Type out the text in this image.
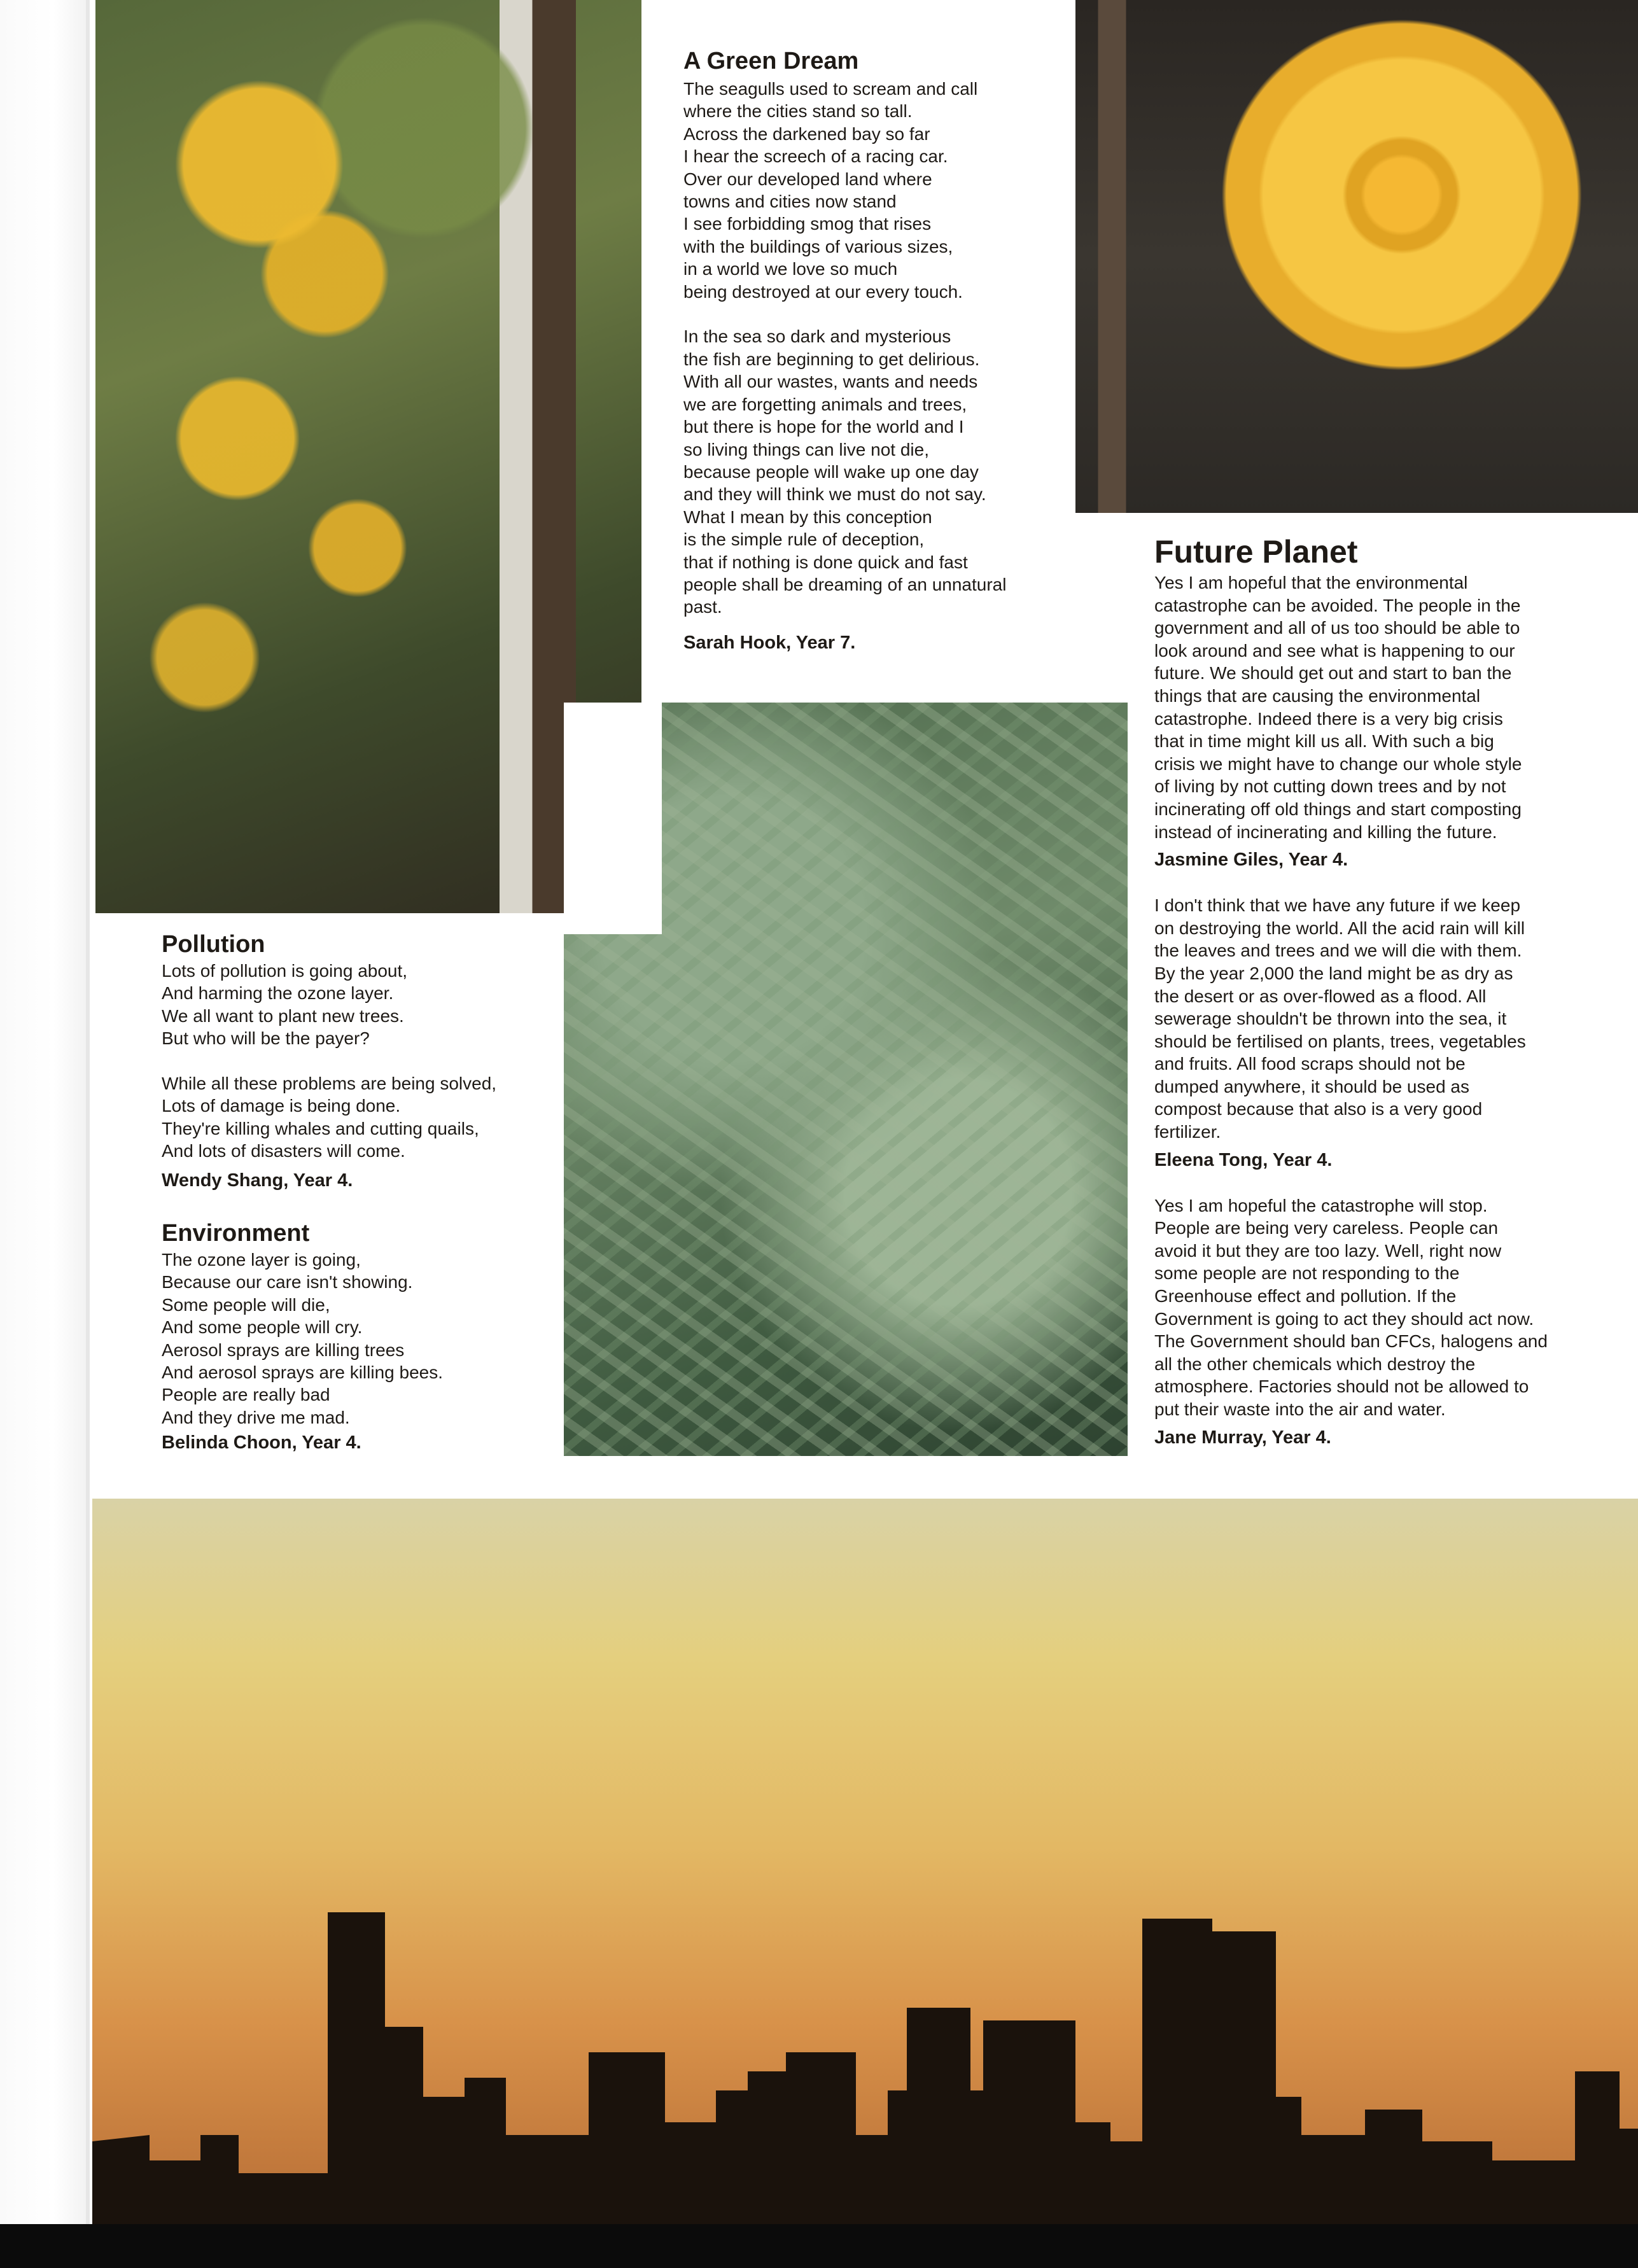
A Green Dream

The seagulls used to scream and call
where the cities stand so tall.
Across the darkened bay so far
I hear the screech of a racing car.
Over our developed land where
towns and cities now stand
I see forbidding smog that rises
with the buildings of various sizes,
in a world we love so much
being destroyed at our every touch.

In the sea so dark and mysterious
the fish are beginning to get delirious.
With all our wastes, wants and needs
we are forgetting animals and trees,
but there is hope for the world and I
so living things can live not die,
because people will wake up one day
and they will think we must do not say.
What I mean by this conception
is the simple rule of deception,
that if nothing is done quick and fast
people shall be dreaming of an unnatural
past.

Sarah Hook, Year 7.

Future Planet

Yes I am hopeful that the environmental
catastrophe can be avoided. The people in the
government and all of us too should be able to
look around and see what is happening to our
future. We should get out and start to ban the
things that are causing the environmental
catastrophe. Indeed there is a very big crisis
that in time might kill us all. With such a big
crisis we might have to change our whole style
of living by not cutting down trees and by not
incinerating off old things and start composting
instead of incinerating and killing the future.

Jasmine Giles, Year 4.

I don't think that we have any future if we keep
on destroying the world. All the acid rain will kill
the leaves and trees and we will die with them.
By the year 2,000 the land might be as dry as
the desert or as over-flowed as a flood. All
sewerage shouldn't be thrown into the sea, it
should be fertilised on plants, trees, vegetables
and fruits. All food scraps should not be
dumped anywhere, it should be used as
compost because that also is a very good
fertilizer.

Eleena Tong, Year 4.

Yes I am hopeful the catastrophe will stop.
People are being very careless. People can
avoid it but they are too lazy. Well, right now
some people are not responding to the
Greenhouse effect and pollution. If the
Government is going to act they should act now.
The Government should ban CFCs, halogens and
all the other chemicals which destroy the
atmosphere. Factories should not be allowed to
put their waste into the air and water.

Jane Murray, Year 4.

Pollution

Lots of pollution is going about,
And harming the ozone layer.
We all want to plant new trees.
But who will be the payer?

While all these problems are being solved,
Lots of damage is being done.
They're killing whales and cutting quails,
And lots of disasters will come.

Wendy Shang, Year 4.

Environment

The ozone layer is going,
Because our care isn't showing.
Some people will die,
And some people will cry.
Aerosol sprays are killing trees
And aerosol sprays are killing bees.
People are really bad
And they drive me mad.

Belinda Choon, Year 4.
